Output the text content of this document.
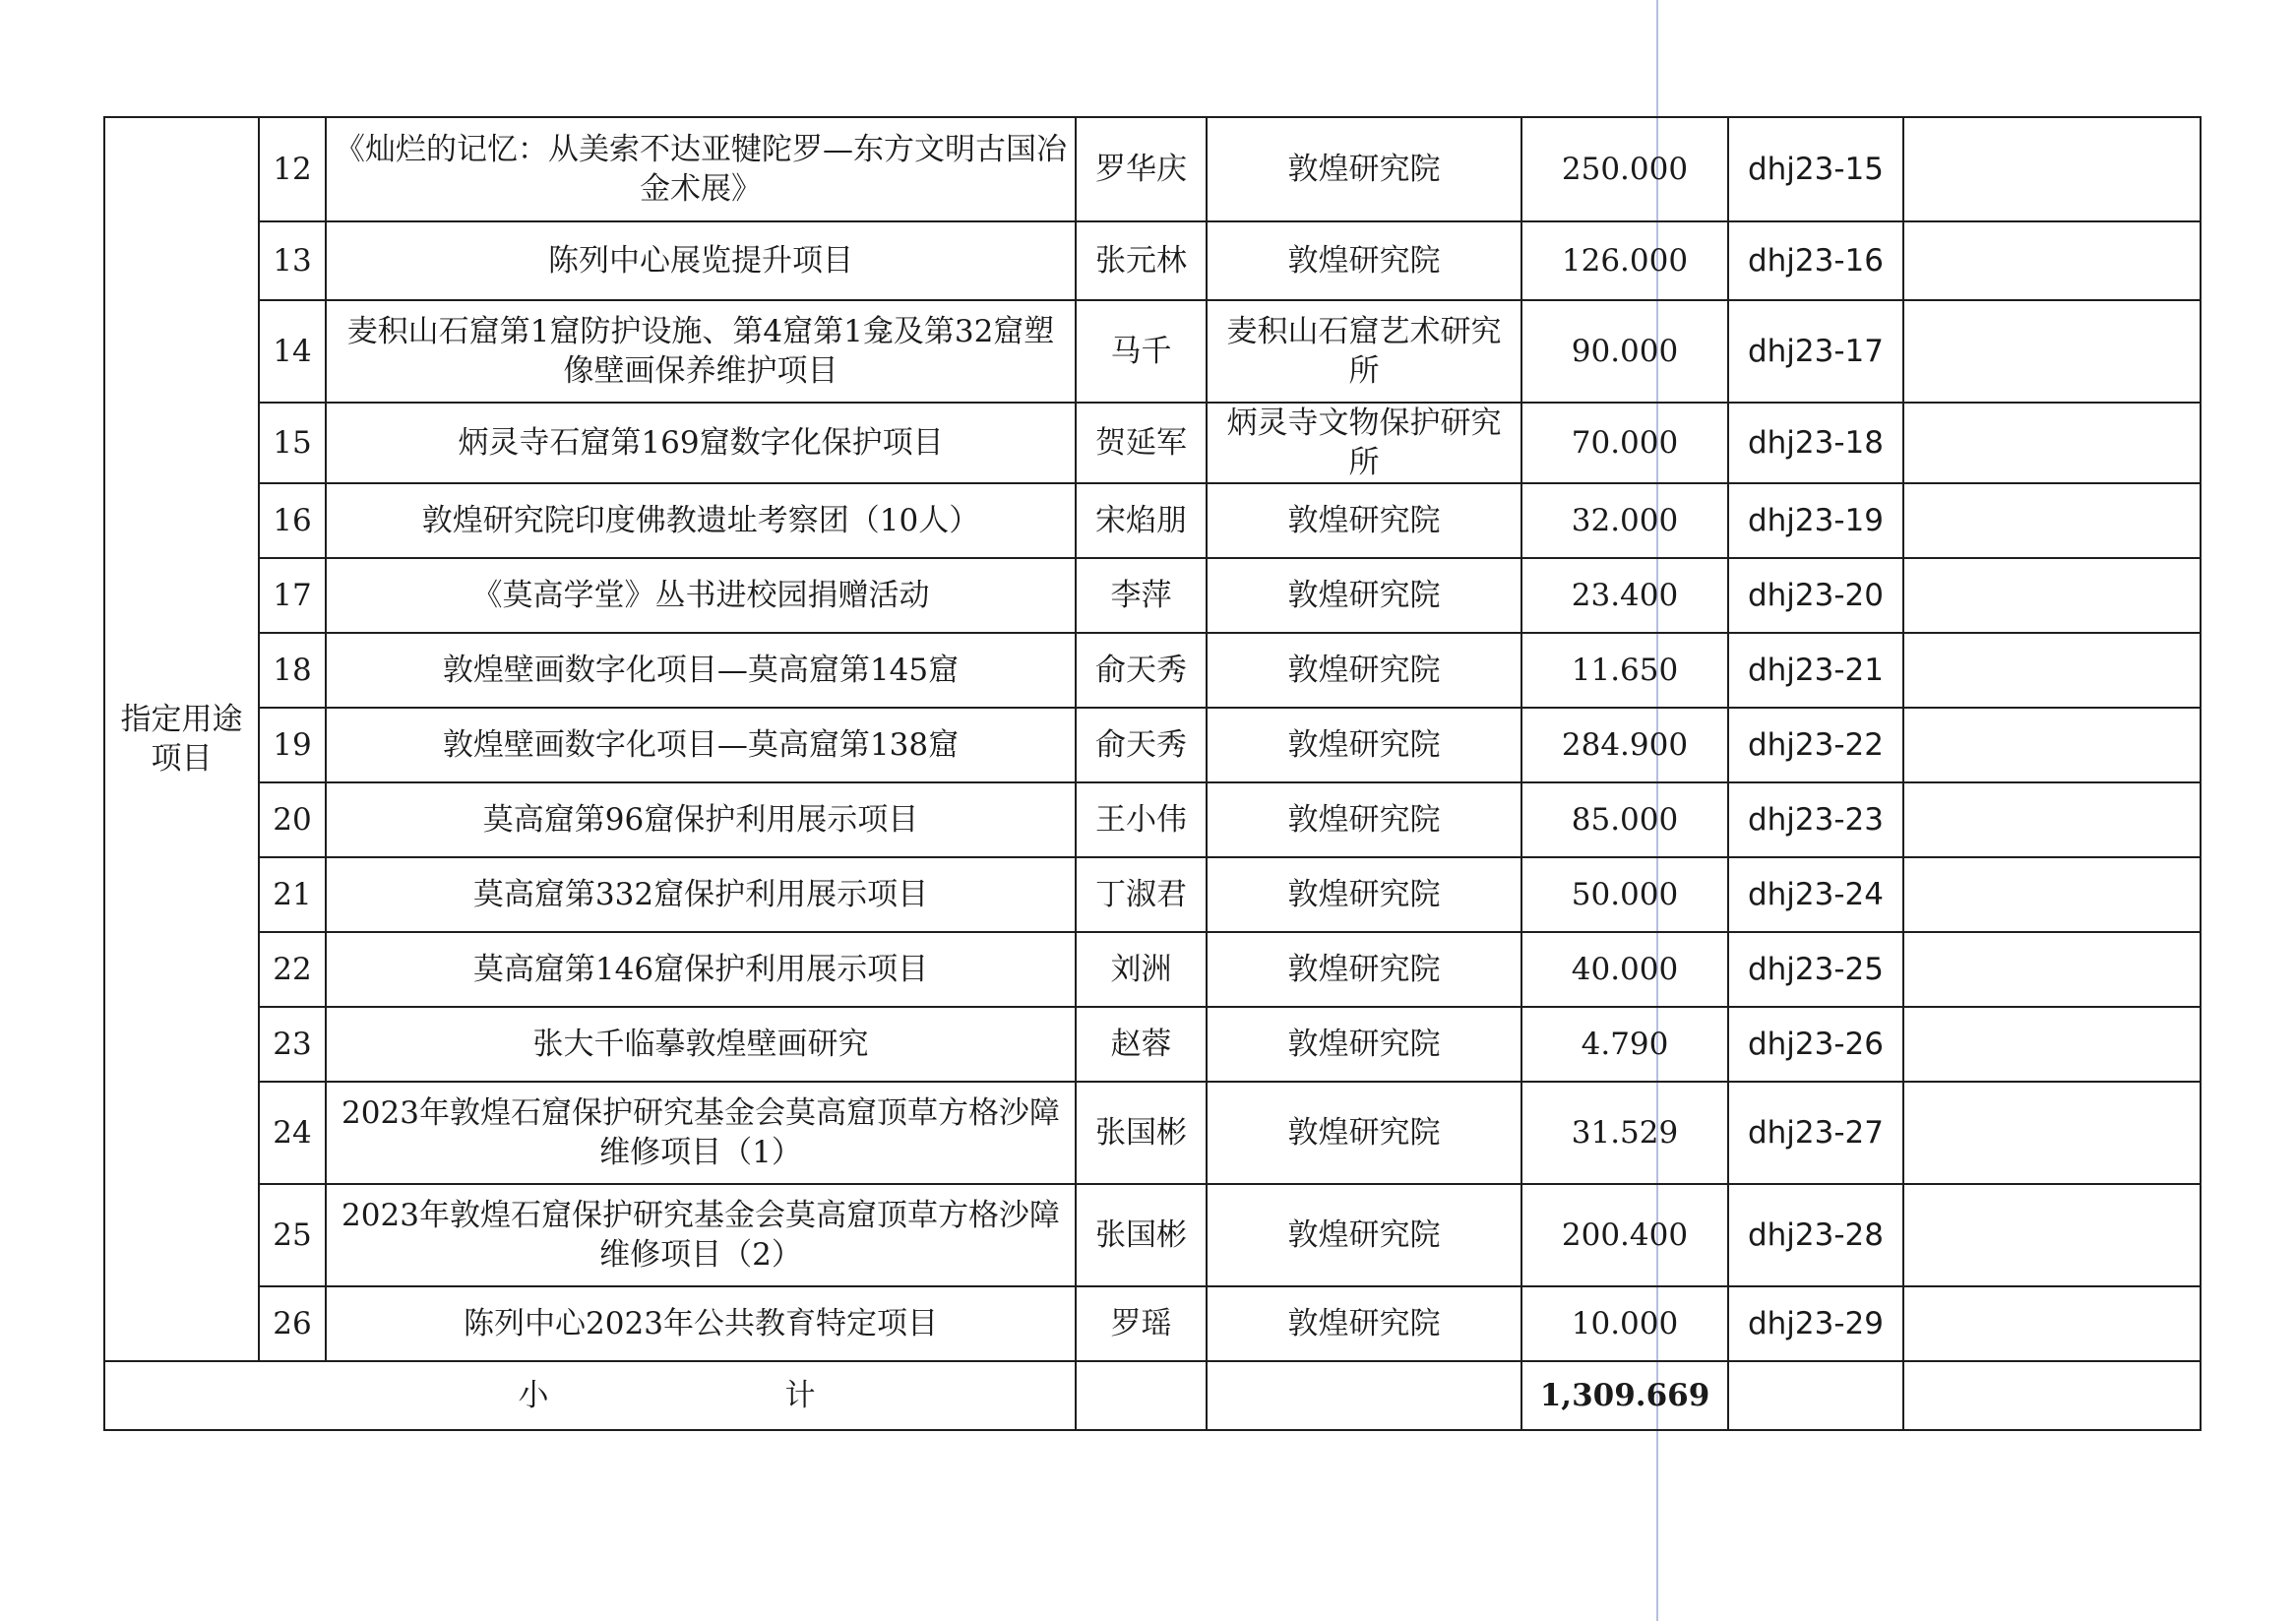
指定用途项目	12	《灿烂的记忆：从美索不达亚犍陀罗—东方文明古国冶金术展》	罗华庆	敦煌研究院	250.000	dhj23-15	
	13	陈列中心展览提升项目	张元林	敦煌研究院	126.000	dhj23-16	
	14	麦积山石窟第1窟防护设施、第4窟第1龛及第32窟塑像壁画保养维护项目	马千	麦积山石窟艺术研究所	90.000	dhj23-17	
	15	炳灵寺石窟第169窟数字化保护项目	贺延军	炳灵寺文物保护研究所	70.000	dhj23-18	
	16	敦煌研究院印度佛教遗址考察团（10人）	宋焰朋	敦煌研究院	32.000	dhj23-19	
	17	《莫高学堂》丛书进校园捐赠活动	李萍	敦煌研究院	23.400	dhj23-20	
	18	敦煌壁画数字化项目—莫高窟第145窟	俞天秀	敦煌研究院	11.650	dhj23-21	
	19	敦煌壁画数字化项目—莫高窟第138窟	俞天秀	敦煌研究院	284.900	dhj23-22	
	20	莫高窟第96窟保护利用展示项目	王小伟	敦煌研究院	85.000	dhj23-23	
	21	莫高窟第332窟保护利用展示项目	丁淑君	敦煌研究院	50.000	dhj23-24	
	22	莫高窟第146窟保护利用展示项目	刘洲	敦煌研究院	40.000	dhj23-25	
	23	张大千临摹敦煌壁画研究	赵蓉	敦煌研究院	4.790	dhj23-26	
	24	2023年敦煌石窟保护研究基金会莫高窟顶草方格沙障维修项目（1）	张国彬	敦煌研究院	31.529	dhj23-27	
	25	2023年敦煌石窟保护研究基金会莫高窟顶草方格沙障维修项目（2）	张国彬	敦煌研究院	200.400	dhj23-28	
	26	陈列中心2023年公共教育特定项目	罗瑶	敦煌研究院	10.000	dhj23-29	
	小 计				1,309.669		
